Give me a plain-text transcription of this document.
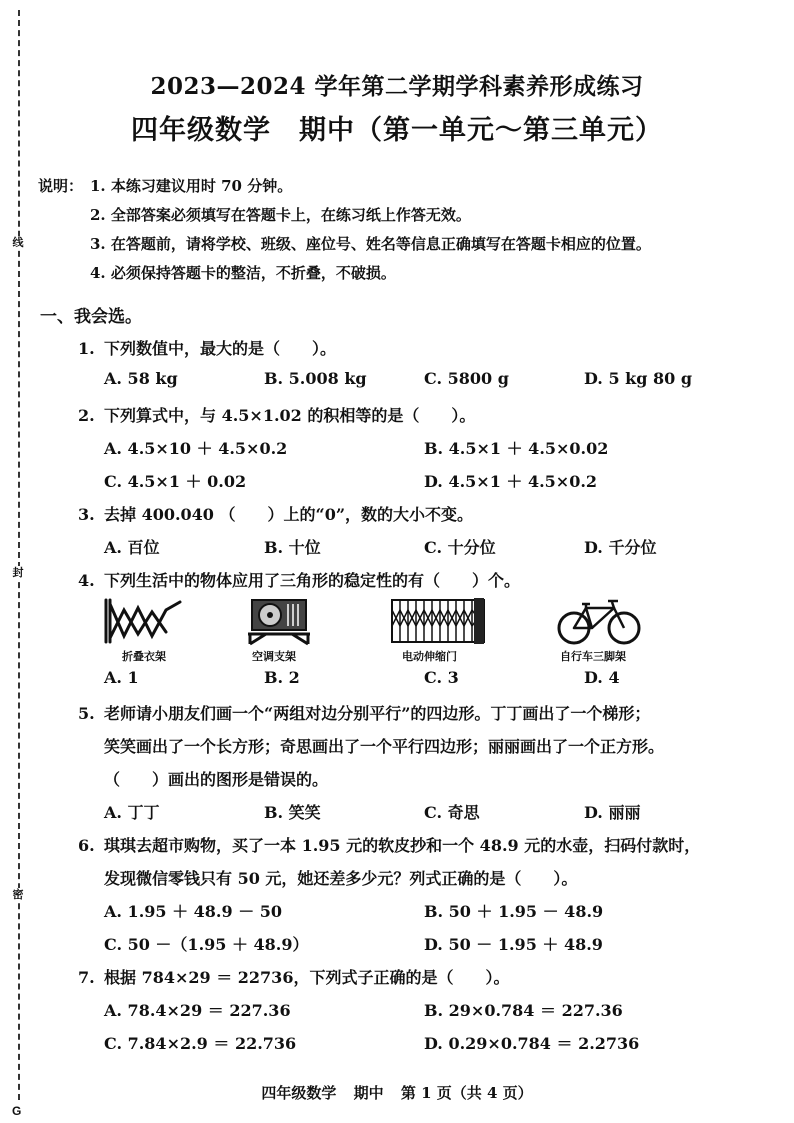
线
封
密
G
2023—2024 学年第二学期学科素养形成练习
四年级数学　期中（第一单元～第三单元）
说明： 1. 本练习建议用时 70 分钟。
2. 全部答案必须填写在答题卡上，在练习纸上作答无效。
3. 在答题前，请将学校、班级、座位号、姓名等信息正确填写在答题卡相应的位置。
4. 必须保持答题卡的整洁，不折叠，不破损。
一、我会选。
1. 下列数值中，最大的是（　　）。
A. 58 kg	B. 5.008 kg	C. 5800 g	D. 5 kg 80 g
2. 下列算式中，与 4.5×1.02 的积相等的是（　　）。
A. 4.5×10 ＋ 4.5×0.2	B. 4.5×1 ＋ 4.5×0.02
C. 4.5×1 ＋ 0.02	D. 4.5×1 ＋ 4.5×0.2
3. 去掉 400.040 （　　）上的“0”，数的大小不变。
A. 百位	B. 十位	C. 十分位	D. 千分位
4. 下列生活中的物体应用了三角形的稳定性的有（　　）个。
折叠衣架	空调支架	电动伸缩门	自行车三脚架
A. 1	B. 2	C. 3	D. 4
5. 老师请小朋友们画一个“两组对边分别平行”的四边形。丁丁画出了一个梯形；
笑笑画出了一个长方形；奇思画出了一个平行四边形；丽丽画出了一个正方形。
（　　）画出的图形是错误的。
A. 丁丁	B. 笑笑	C. 奇思	D. 丽丽
6. 琪琪去超市购物，买了一本 1.95 元的软皮抄和一个 48.9 元的水壶，扫码付款时，
发现微信零钱只有 50 元，她还差多少元？列式正确的是（　　）。
A. 1.95 ＋ 48.9 － 50	B. 50 ＋ 1.95 － 48.9
C. 50 －（1.95 ＋ 48.9）	D. 50 － 1.95 ＋ 48.9
7. 根据 784×29 ＝ 22736，下列式子正确的是（　　）。
A. 78.4×29 ＝ 227.36	B. 29×0.784 ＝ 227.36
C. 7.84×2.9 ＝ 22.736	D. 0.29×0.784 ＝ 2.2736
四年级数学 期中 第 1 页（共 4 页）
